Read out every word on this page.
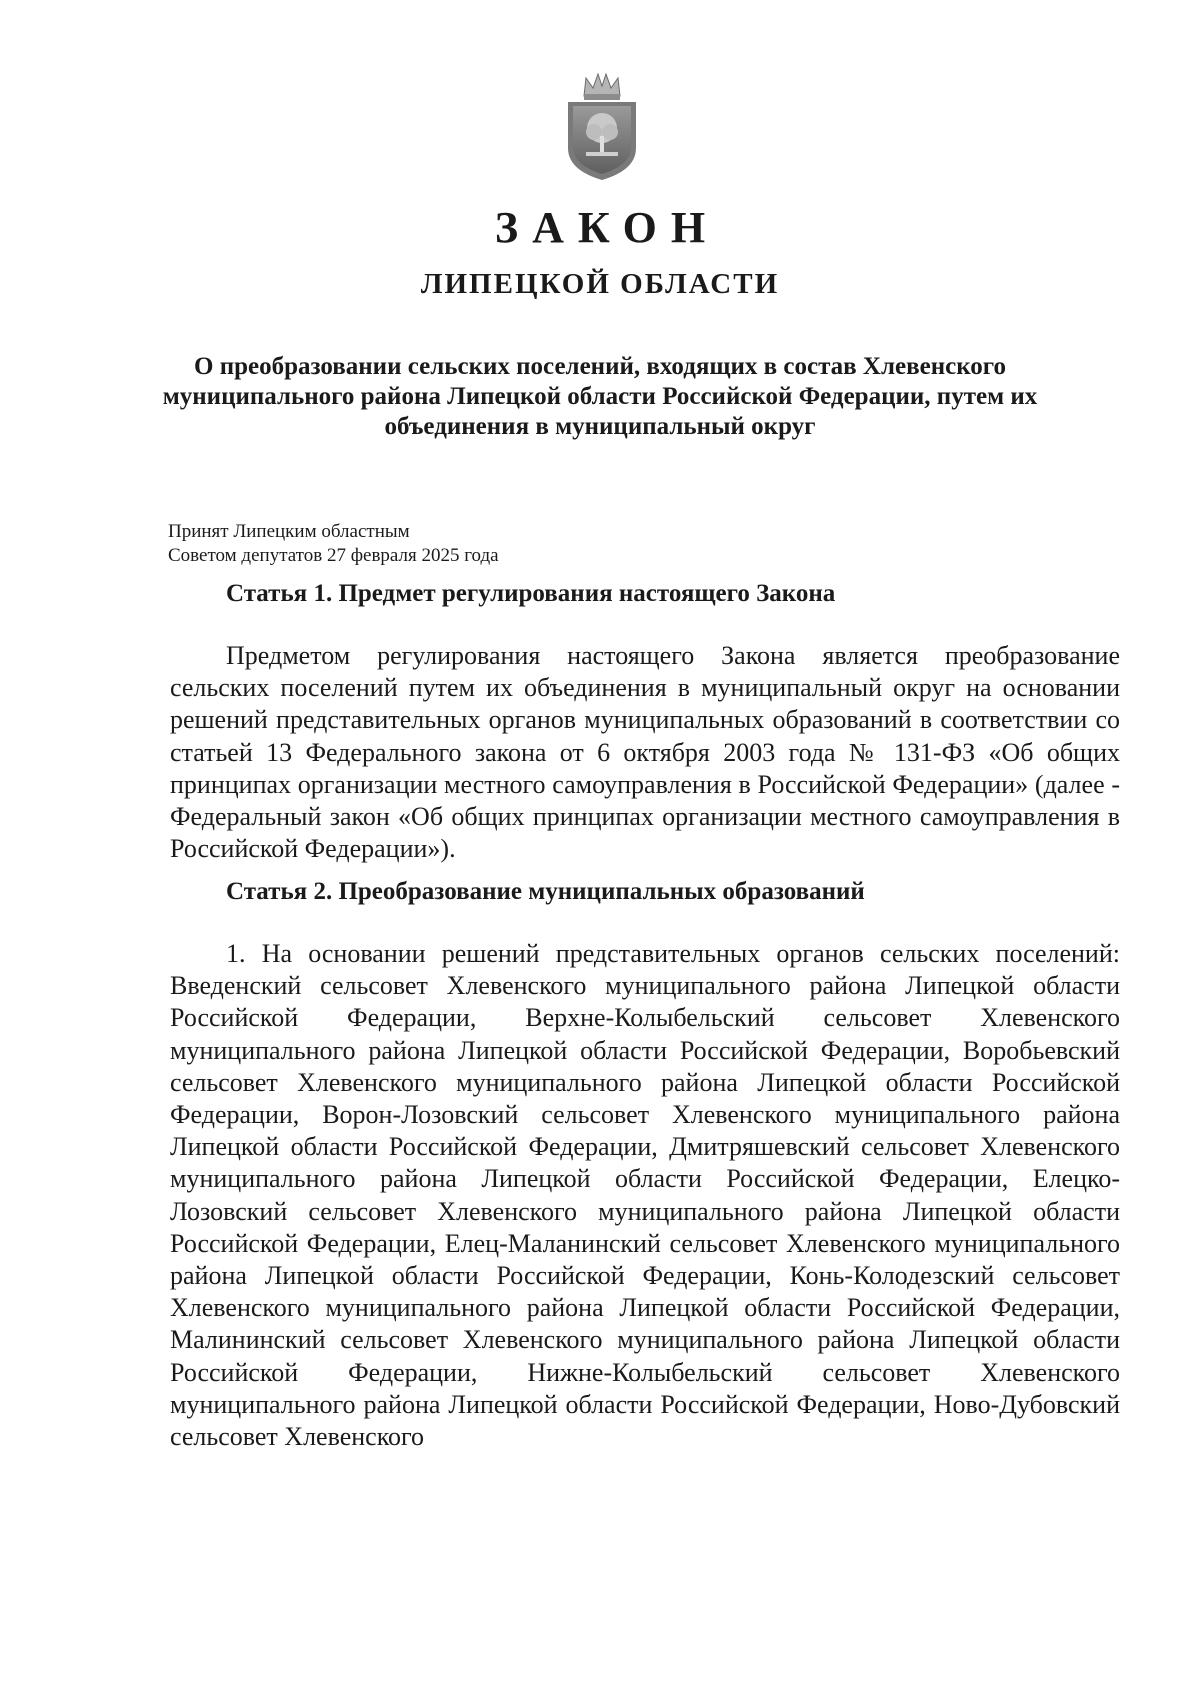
ЗАКОН
ЛИПЕЦКОЙ ОБЛАСТИ
О преобразовании сельских поселений, входящих в состав Хлевенского муниципального района Липецкой области Российской Федерации, путем их объединения в муниципальный округ
Принят Липецким областным
Советом депутатов 27 февраля 2025 года
Статья 1. Предмет регулирования настоящего Закона

Предметом регулирования настоящего Закона является преобразование сельских поселений путем их объединения в муниципальный округ на основании решений представительных органов муниципальных образований в соответствии со статьей 13 Федерального закона от 6 октября 2003 года № 131-ФЗ «Об общих принципах организации местного самоуправления в Российской Федерации» (далее - Федеральный закон «Об общих принципах организации местного самоуправления в Российской Федерации»).

Статья 2. Преобразование муниципальных образований

1. На основании решений представительных органов сельских поселений: Введенский сельсовет Хлевенского муниципального района Липецкой области Российской Федерации, Верхне-Колыбельский сельсовет Хлевенского муниципального района Липецкой области Российской Федерации, Воробьевский сельсовет Хлевенского муниципального района Липецкой области Российской Федерации, Ворон-Лозовский сельсовет Хлевенского муниципального района Липецкой области Российской Федерации, Дмитряшевский сельсовет Хлевенского муниципального района Липецкой области Российской Федерации, Елецко-Лозовский сельсовет Хлевенского муниципального района Липецкой области Российской Федерации, Елец-Маланинский сельсовет Хлевенского муниципального района Липецкой области Российской Федерации, Конь-Колодезский сельсовет Хлевенского муниципального района Липецкой области Российской Федерации, Малининский сельсовет Хлевенского муниципального района Липецкой области Российской Федерации, Нижне-Колыбельский сельсовет Хлевенского муниципального района Липецкой области Российской Федерации, Ново-Дубовский сельсовет Хлевенского
